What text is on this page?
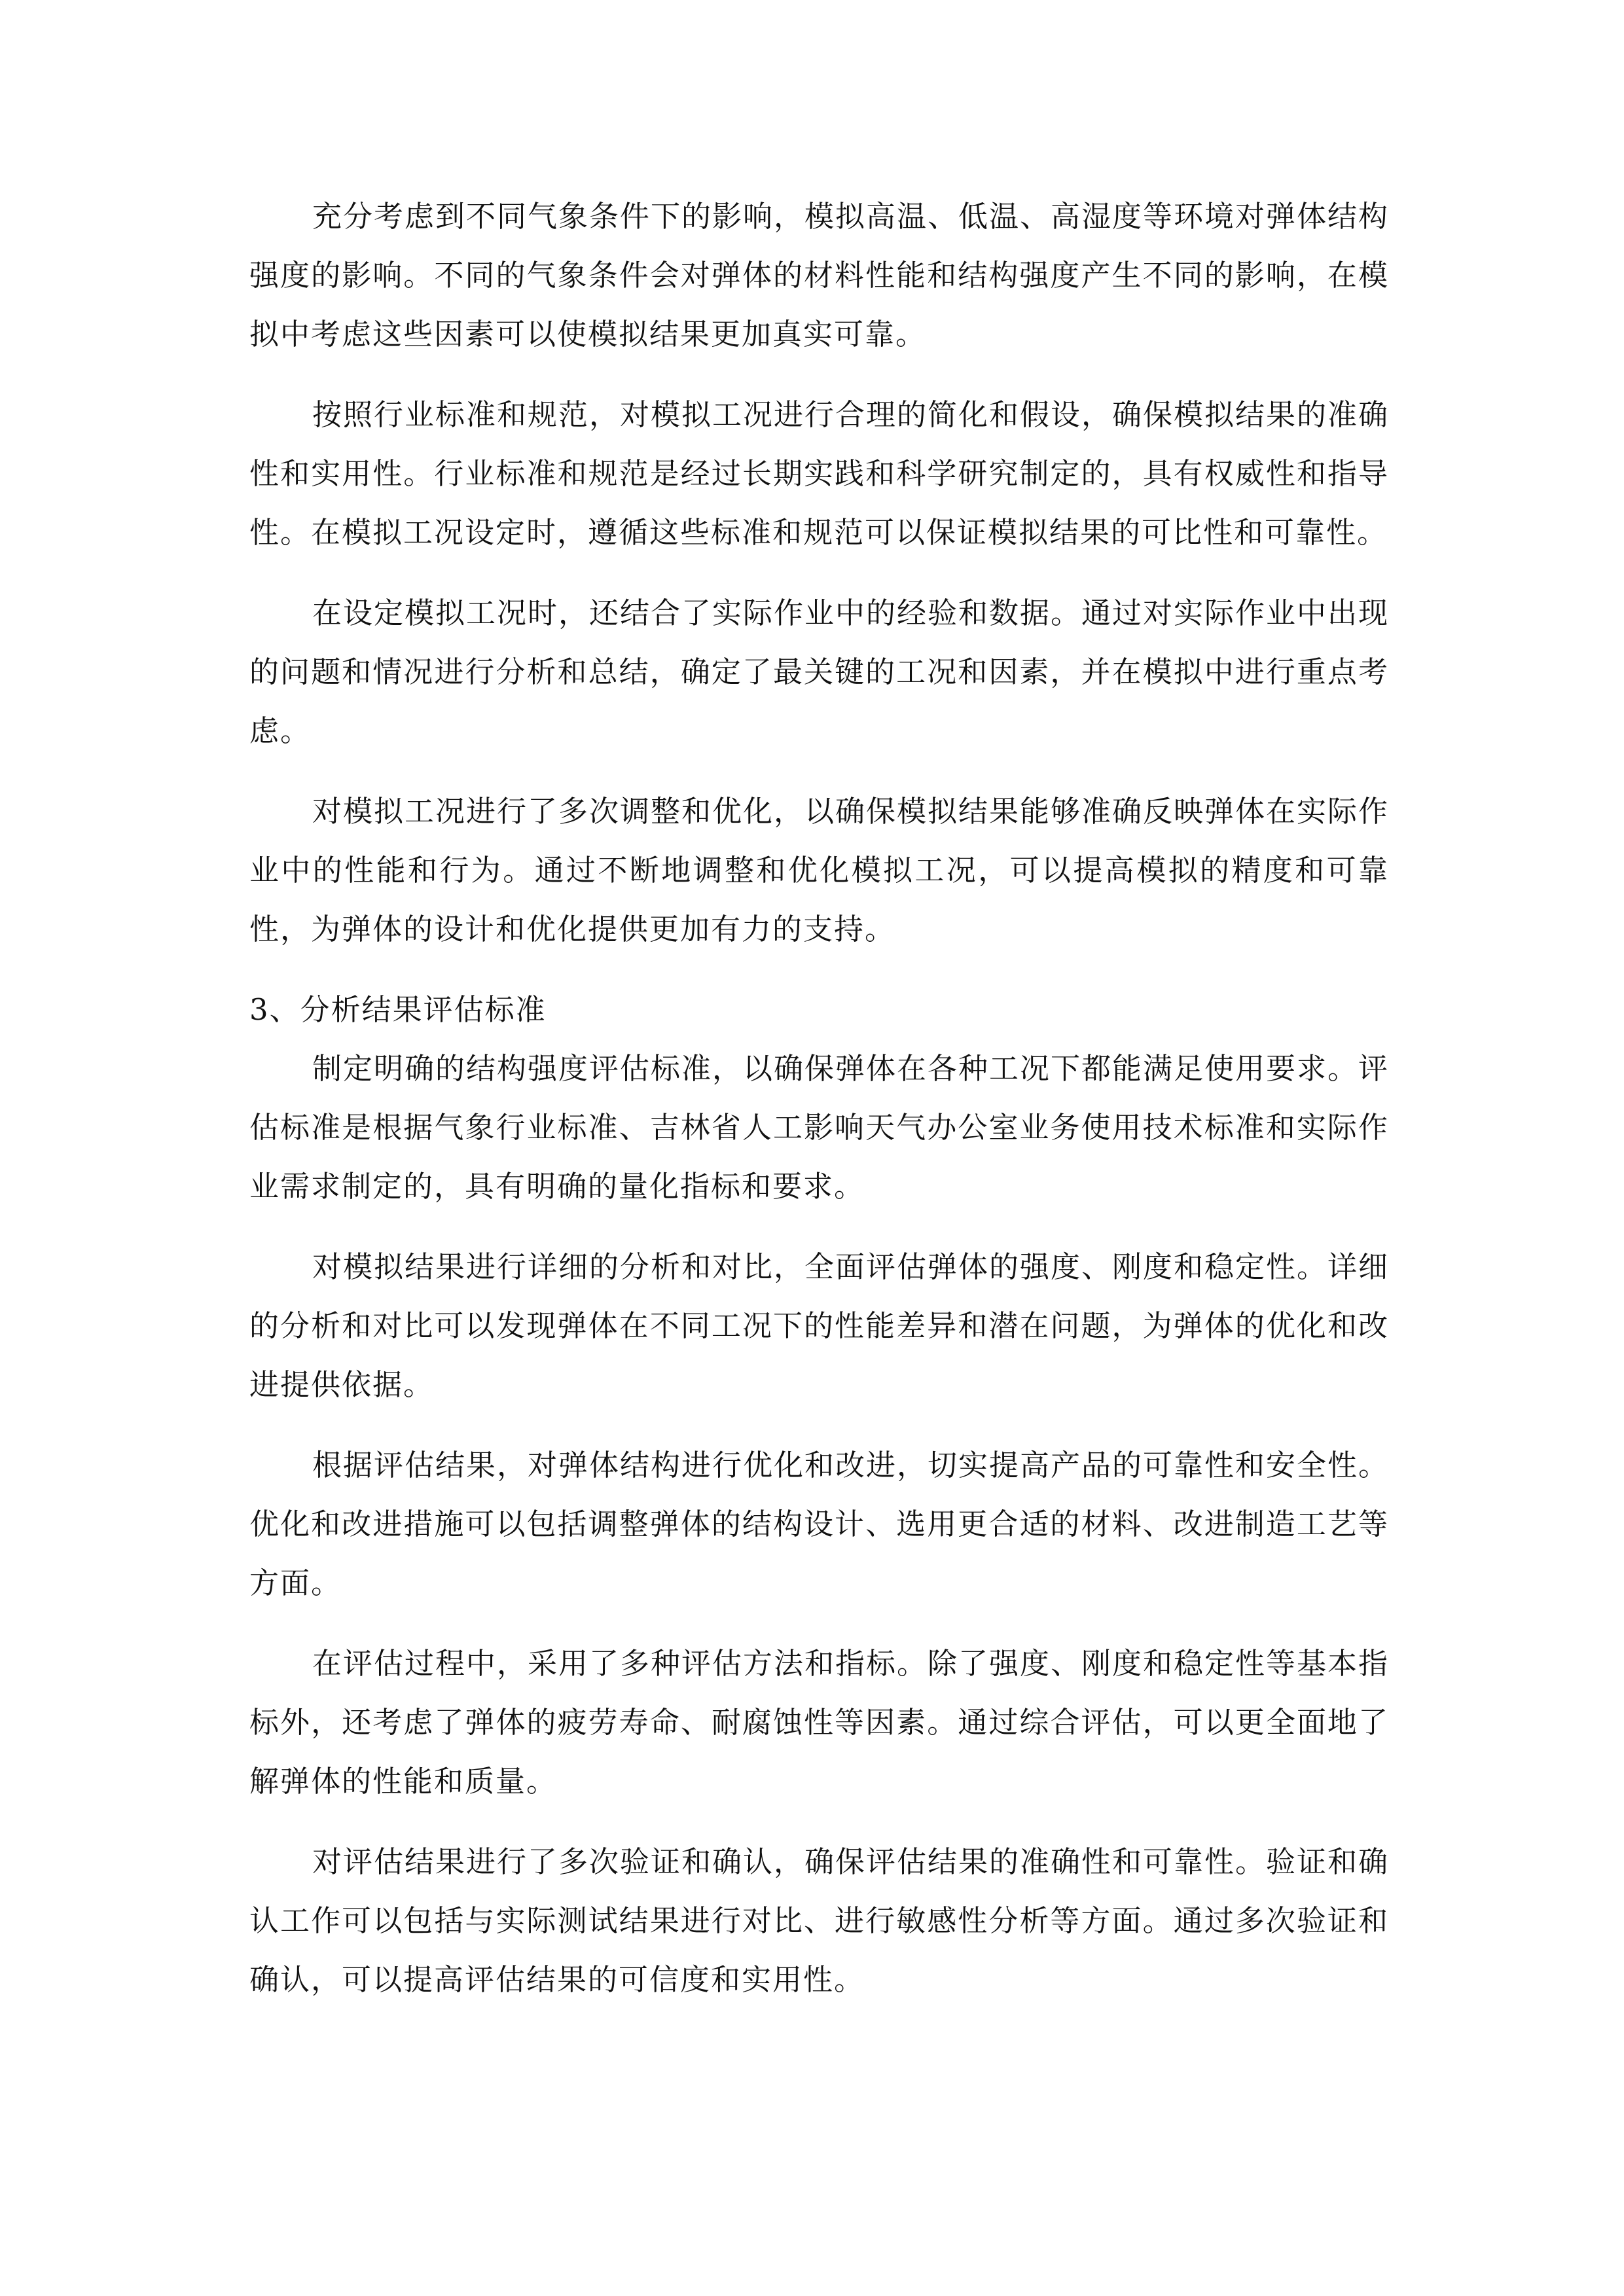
充分考虑到不同气象条件下的影响，模拟高温、低温、高湿度等环境对弹体结构强度的影响。不同的气象条件会对弹体的材料性能和结构强度产生不同的影响，在模拟中考虑这些因素可以使模拟结果更加真实可靠。

按照行业标准和规范，对模拟工况进行合理的简化和假设，确保模拟结果的准确性和实用性。行业标准和规范是经过长期实践和科学研究制定的，具有权威性和指导性。在模拟工况设定时，遵循这些标准和规范可以保证模拟结果的可比性和可靠性。

在设定模拟工况时，还结合了实际作业中的经验和数据。通过对实际作业中出现的问题和情况进行分析和总结，确定了最关键的工况和因素，并在模拟中进行重点考虑。

对模拟工况进行了多次调整和优化，以确保模拟结果能够准确反映弹体在实际作业中的性能和行为。通过不断地调整和优化模拟工况，可以提高模拟的精度和可靠性，为弹体的设计和优化提供更加有力的支持。

3、分析结果评估标准

制定明确的结构强度评估标准，以确保弹体在各种工况下都能满足使用要求。评估标准是根据气象行业标准、吉林省人工影响天气办公室业务使用技术标准和实际作业需求制定的，具有明确的量化指标和要求。

对模拟结果进行详细的分析和对比，全面评估弹体的强度、刚度和稳定性。详细的分析和对比可以发现弹体在不同工况下的性能差异和潜在问题，为弹体的优化和改进提供依据。

根据评估结果，对弹体结构进行优化和改进，切实提高产品的可靠性和安全性。优化和改进措施可以包括调整弹体的结构设计、选用更合适的材料、改进制造工艺等方面。

在评估过程中，采用了多种评估方法和指标。除了强度、刚度和稳定性等基本指标外，还考虑了弹体的疲劳寿命、耐腐蚀性等因素。通过综合评估，可以更全面地了解弹体的性能和质量。

对评估结果进行了多次验证和确认，确保评估结果的准确性和可靠性。验证和确认工作可以包括与实际测试结果进行对比、进行敏感性分析等方面。通过多次验证和确认，可以提高评估结果的可信度和实用性。
